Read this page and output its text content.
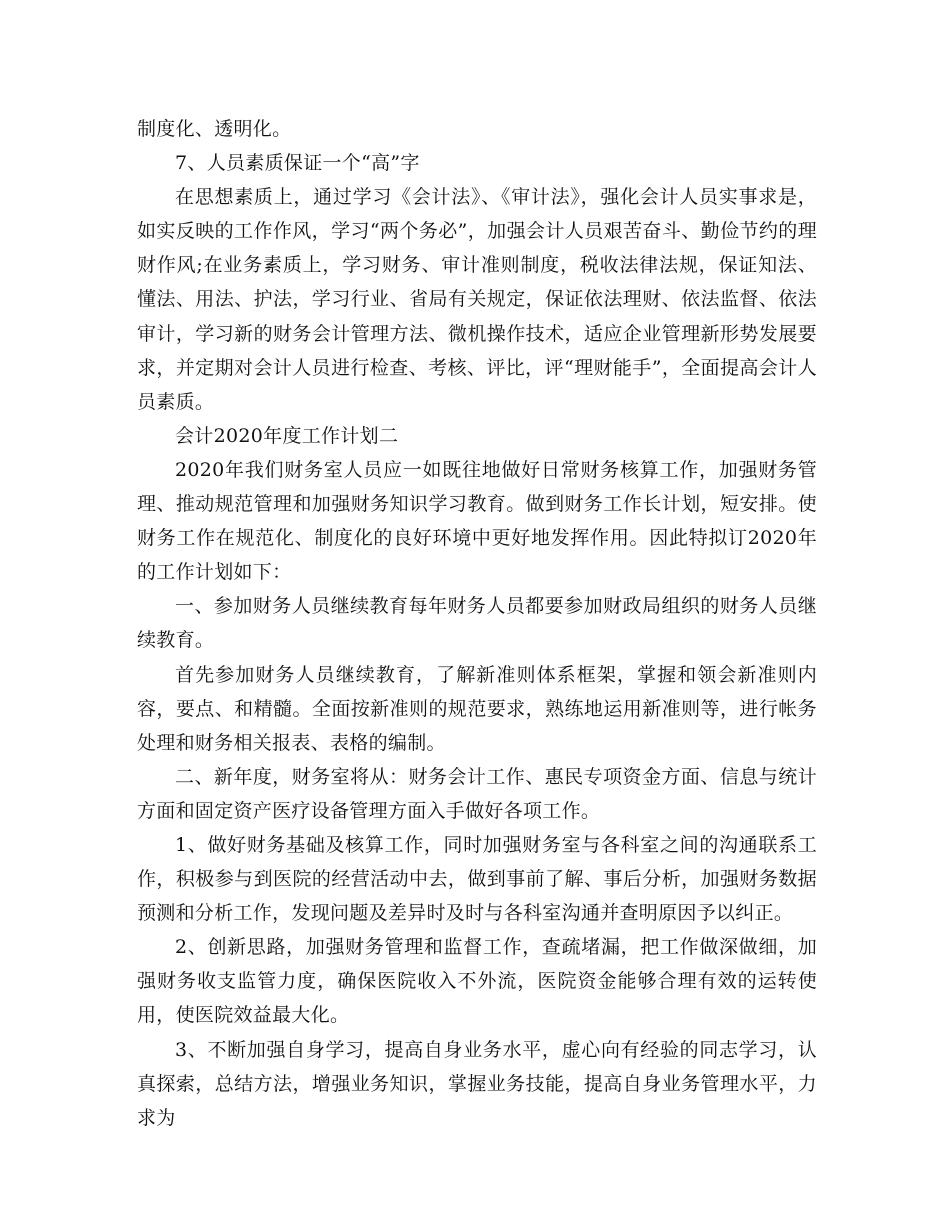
制度化、透明化。

7、人员素质保证一个“高”字

在思想素质上，通过学习《会计法》、《审计法》，强化会计人员实事求是，如实反映的工作作风，学习“两个务必”，加强会计人员艰苦奋斗、勤俭节约的理财作风;在业务素质上，学习财务、审计准则制度，税收法律法规，保证知法、懂法、用法、护法，学习行业、省局有关规定，保证依法理财、依法监督、依法审计，学习新的财务会计管理方法、微机操作技术，适应企业管理新形势发展要求，并定期对会计人员进行检查、考核、评比，评“理财能手”，全面提高会计人员素质。

会计2020年度工作计划二

2020年我们财务室人员应一如既往地做好日常财务核算工作，加强财务管理、推动规范管理和加强财务知识学习教育。做到财务工作长计划，短安排。使财务工作在规范化、制度化的良好环境中更好地发挥作用。因此特拟订2020年的工作计划如下：

一、参加财务人员继续教育每年财务人员都要参加财政局组织的财务人员继续教育。

首先参加财务人员继续教育，了解新准则体系框架，掌握和领会新准则内容，要点、和精髓。全面按新准则的规范要求，熟练地运用新准则等，进行帐务处理和财务相关报表、表格的编制。

二、新年度，财务室将从：财务会计工作、惠民专项资金方面、信息与统计方面和固定资产医疗设备管理方面入手做好各项工作。

1、做好财务基础及核算工作，同时加强财务室与各科室之间的沟通联系工作，积极参与到医院的经营活动中去，做到事前了解、事后分析，加强财务数据预测和分析工作，发现问题及差异时及时与各科室沟通并查明原因予以纠正。

2、创新思路，加强财务管理和监督工作，查疏堵漏，把工作做深做细，加强财务收支监管力度，确保医院收入不外流，医院资金能够合理有效的运转使用，使医院效益最大化。

3、不断加强自身学习，提高自身业务水平，虚心向有经验的同志学习，认真探索，总结方法，增强业务知识，掌握业务技能，提高自身业务管理水平，力求为
